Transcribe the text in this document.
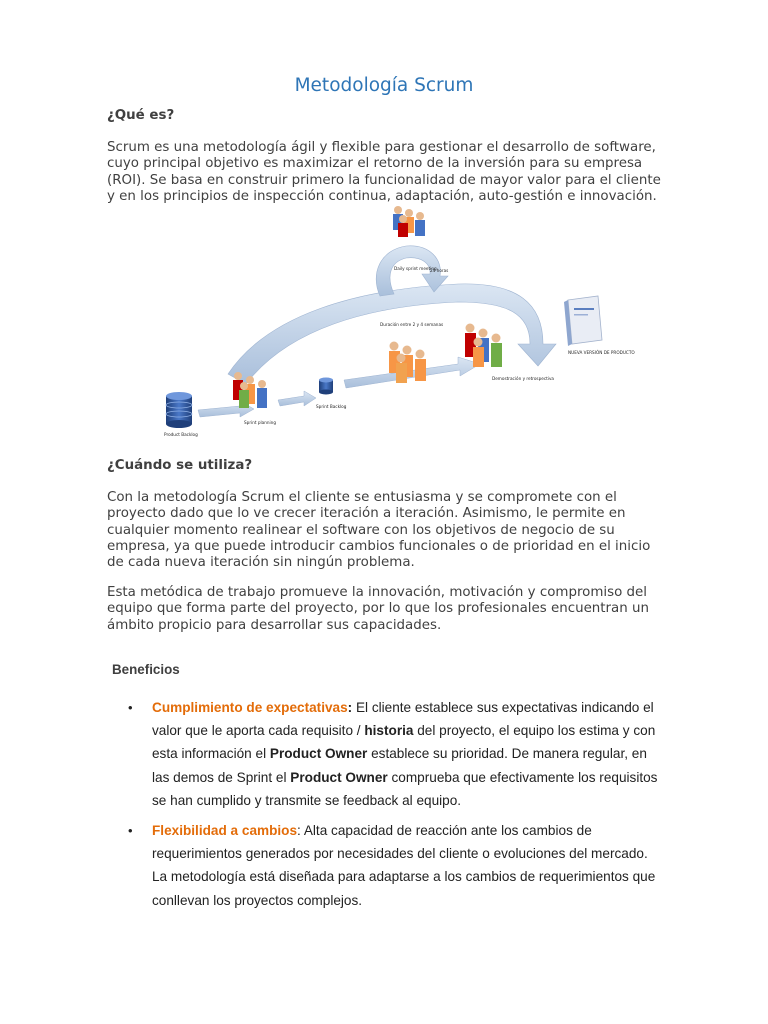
Metodología Scrum
¿Qué es?

Scrum es una metodología ágil y flexible para gestionar el desarrollo de software, cuyo principal objetivo es maximizar el retorno de la inversión para su empresa (ROI). Se basa en construir primero la funcionalidad de mayor valor para el cliente y en los principios de inspección continua, adaptación, auto-gestión e innovación.

Product Backlog
Sprint planning
Sprint Backlog
Daily sprint meeting
24 horas
Duración entre 2 y 4 semanas
Demostración y retrospectiva
NUEVA VERSIÓN DE PRODUCTO
¿Cuándo se utiliza?

Con la metodología Scrum el cliente se entusiasma y se compromete con el proyecto dado que lo ve crecer iteración a iteración. Asimismo, le permite en cualquier momento realinear el software con los objetivos de negocio de su empresa, ya que puede introducir cambios funcionales o de prioridad en el inicio de cada nueva iteración sin ningún problema.

Esta metódica de trabajo promueve la innovación, motivación y compromiso del equipo que forma parte del proyecto, por lo que los profesionales encuentran un ámbito propicio para desarrollar sus capacidades.

Beneficios
• Cumplimiento de expectativas: El cliente establece sus expectativas indicando el valor que le aporta cada requisito / historia del proyecto, el equipo los estima y con esta información el Product Owner establece su prioridad. De manera regular, en las demos de Sprint el Product Owner comprueba que efectivamente los requisitos se han cumplido y transmite se feedback al equipo.
• Flexibilidad a cambios: Alta capacidad de reacción ante los cambios de requerimientos generados por necesidades del cliente o evoluciones del mercado. La metodología está diseñada para adaptarse a los cambios de requerimientos que conllevan los proyectos complejos.
